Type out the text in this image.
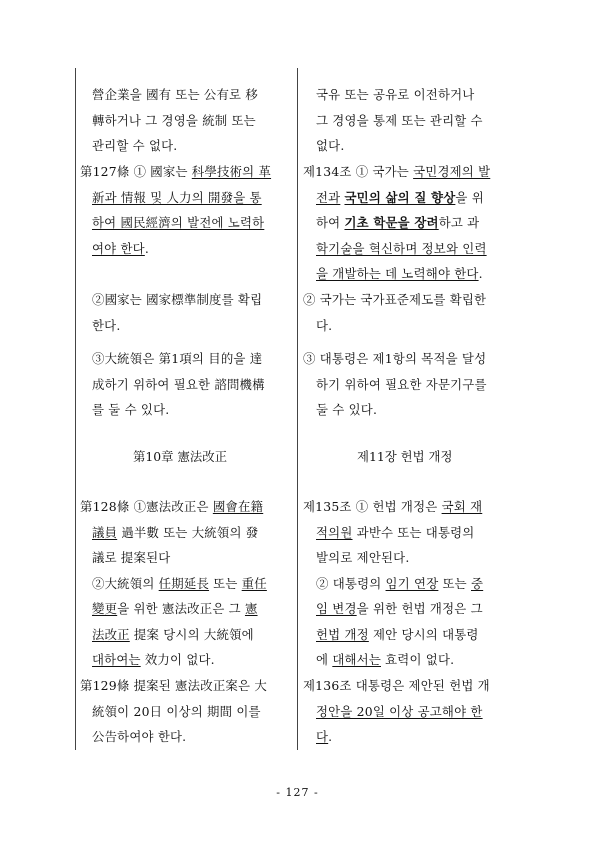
營企業을 國有 또는 公有로 移
轉하거나 그 경영을 統制 또는
관리할 수 없다.
第127條 ① 國家는 科學技術의 革
新과 情報 및 人力의 開發을 통
하여 國民經濟의 발전에 노력하
여야 한다.
②國家는 國家標準制度를 확립
한다.
③大統領은 第1項의 目的을 達
成하기 위하여 필요한 諮問機構
를 둘 수 있다.
第10章 憲法改正
第128條 ①憲法改正은 國會在籍
議員 過半數 또는 大統領의 發
議로 提案된다
②大統領의 任期延長 또는 重任
變更을 위한 憲法改正은 그 憲
法改正 提案 당시의 大統領에
대하여는 效力이 없다.
第129條 提案된 憲法改正案은 大
統領이 20日 이상의 期間 이를
公告하여야 한다.
국유 또는 공유로 이전하거나
그 경영을 통제 또는 관리할 수
없다.
제134조 ① 국가는 국민경제의 발
전과 국민의 삶의 질 향상을 위
하여 기초 학문을 장려하고 과
학기술을 혁신하며 정보와 인력
을 개발하는 데 노력해야 한다.
② 국가는 국가표준제도를 확립한
다.
③ 대통령은 제1항의 목적을 달성
하기 위하여 필요한 자문기구를
둘 수 있다.
제11장 헌법 개정
제135조 ① 헌법 개정은 국회 재
적의원 과반수 또는 대통령의
발의로 제안된다.
② 대통령의 임기 연장 또는 중
임 변경을 위한 헌법 개정은 그
헌법 개정 제안 당시의 대통령
에 대해서는 효력이 없다.
제136조 대통령은 제안된 헌법 개
정안을 20일 이상 공고해야 한
다.
- 127 -
